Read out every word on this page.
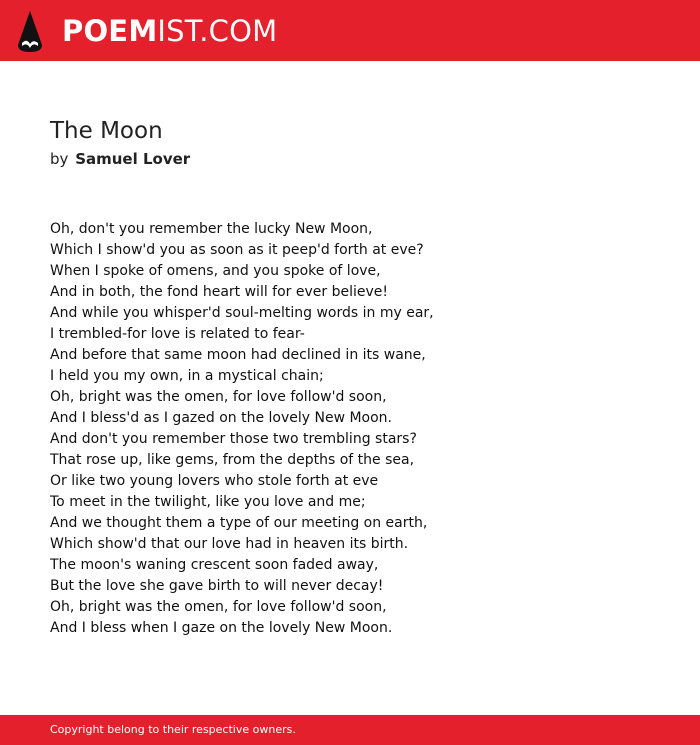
POEMIST.COM
The Moon
by Samuel Lover
Oh, don't you remember the lucky New Moon,
Which I show'd you as soon as it peep'd forth at eve?
When I spoke of omens, and you spoke of love,
And in both, the fond heart will for ever believe!
And while you whisper'd soul-melting words in my ear,
I trembled-for love is related to fear-
And before that same moon had declined in its wane,
I held you my own, in a mystical chain;
Oh, bright was the omen, for love follow'd soon,
And I bless'd as I gazed on the lovely New Moon.
And don't you remember those two trembling stars?
That rose up, like gems, from the depths of the sea,
Or like two young lovers who stole forth at eve
To meet in the twilight, like you love and me;
And we thought them a type of our meeting on earth,
Which show'd that our love had in heaven its birth.
The moon's waning crescent soon faded away,
But the love she gave birth to will never decay!
Oh, bright was the omen, for love follow'd soon,
And I bless when I gaze on the lovely New Moon.
Copyright belong to their respective owners.
